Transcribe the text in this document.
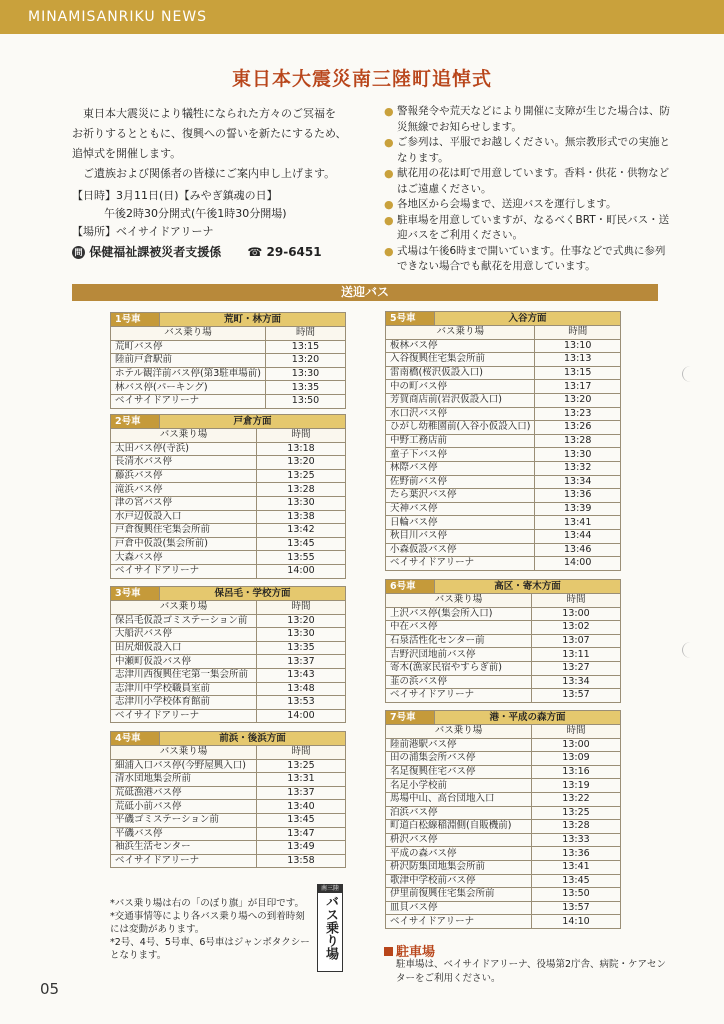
MINAMISANRIKU NEWS
東日本大震災南三陸町追悼式

東日本大震災により犠牲になられた方々のご冥福を

お祈りするとともに、復興への誓いを新たにするため、

追悼式を開催します。

ご遺族および関係者の皆様にご案内申し上げます。

【日時】3月11日(日)【みやぎ鎮魂の日】
午後2時30分開式(午後1時30分開場)
【場所】ベイサイドアリーナ
問 保健福祉課被災者支援係 ☎ 29-6451
● 警報発令や荒天などにより開催に支障が生じた場合は、防災無線でお知らせします。
● ご参列は、平服でお越しください。無宗教形式での実施となります。
● 献花用の花は町で用意しています。香料・供花・供物などはご遠慮ください。
● 各地区から会場まで、送迎バスを運行します。
● 駐車場を用意していますが、なるべくBRT・町民バス・送迎バスをご利用ください。
● 式場は午後6時まで開いています。仕事などで式典に参列できない場合でも献花を用意しています。
送迎バス
1号車	荒町・林方面	
バス乗り場		時間
荒町バス停		13:15
陸前戸倉駅前		13:20
ホテル観洋前バス停(第3駐車場前)		13:30
林バス停(パーキング)		13:35
ベイサイドアリーナ		13:50
2号車	戸倉方面	
バス乗り場		時間
太田バス停(寺浜)		13:18
長清水バス停		13:20
藤浜バス停		13:25
滝浜バス停		13:28
津の宮バス停		13:30
水戸辺仮設入口		13:38
戸倉復興住宅集会所前		13:42
戸倉中仮設(集会所前)		13:45
大森バス停		13:55
ベイサイドアリーナ		14:00
3号車	保呂毛・学校方面	
バス乗り場		時間
保呂毛仮設ゴミステーション前		13:20
大船沢バス停		13:30
田尻畑仮設入口		13:35
中瀬町仮設バス停		13:37
志津川西復興住宅第一集会所前		13:43
志津川中学校職員室前		13:48
志津川小学校体育館前		13:53
ベイサイドアリーナ		14:00
4号車	前浜・後浜方面	
バス乗り場		時間
細浦入口バス停(今野屋興入口)		13:25
清水団地集会所前		13:31
荒砥漁港バス停		13:37
荒砥小前バス停		13:40
平磯ゴミステーション前		13:45
平磯バス停		13:47
袖浜生活センター		13:49
ベイサイドアリーナ		13:58
5号車	入谷方面	
バス乗り場		時間
板林バス停		13:10
入谷復興住宅集会所前		13:13
雷南橋(桜沢仮設入口)		13:15
中の町バス停		13:17
芳賀商店前(岩沢仮設入口)		13:20
水口沢バス停		13:23
ひがし幼稚園前(入谷小仮設入口)		13:26
中野工務店前		13:28
童子下バス停		13:30
林際バス停		13:32
佐野前バス停		13:34
たら葉沢バス停		13:36
天神バス停		13:39
日輪バス停		13:41
秋目川バス停		13:44
小森仮設バス停		13:46
ベイサイドアリーナ		14:00
6号車	高区・寄木方面	
バス乗り場		時間
上沢バス停(集会所入口)		13:00
中在バス停		13:02
石泉活性化センター前		13:07
吉野沢団地前バス停		13:11
寄木(漁家民宿やすらぎ前)		13:27
韮の浜バス停		13:34
ベイサイドアリーナ		13:57
7号車	港・平成の森方面	
バス乗り場		時間
陸前港駅バス停		13:00
田の浦集会所バス停		13:09
名足復興住宅バス停		13:16
名足小学校前		13:19
馬場中山、高台団地入口		13:22
泊浜バス停		13:25
町道白松線稲淵側(自販機前)		13:28
枡沢バス停		13:33
平成の森バス停		13:36
枡沢防集団地集会所前		13:41
歌津中学校前バス停		13:45
伊里前復興住宅集会所前		13:50
皿貝バス停		13:57
ベイサイドアリーナ		14:10

*バス乗り場は右の「のぼり旗」が目印です。

*交通事情等により各バス乗り場への到着時刻には変動があります。

*2号、4号、5号車、6号車はジャンボタクシーとなります。

南三陸
バス乗り場	駐車場
駐車場は、ベイサイドアリーナ、役場第2庁舎、病院・ケアセンターをご利用ください。
05
